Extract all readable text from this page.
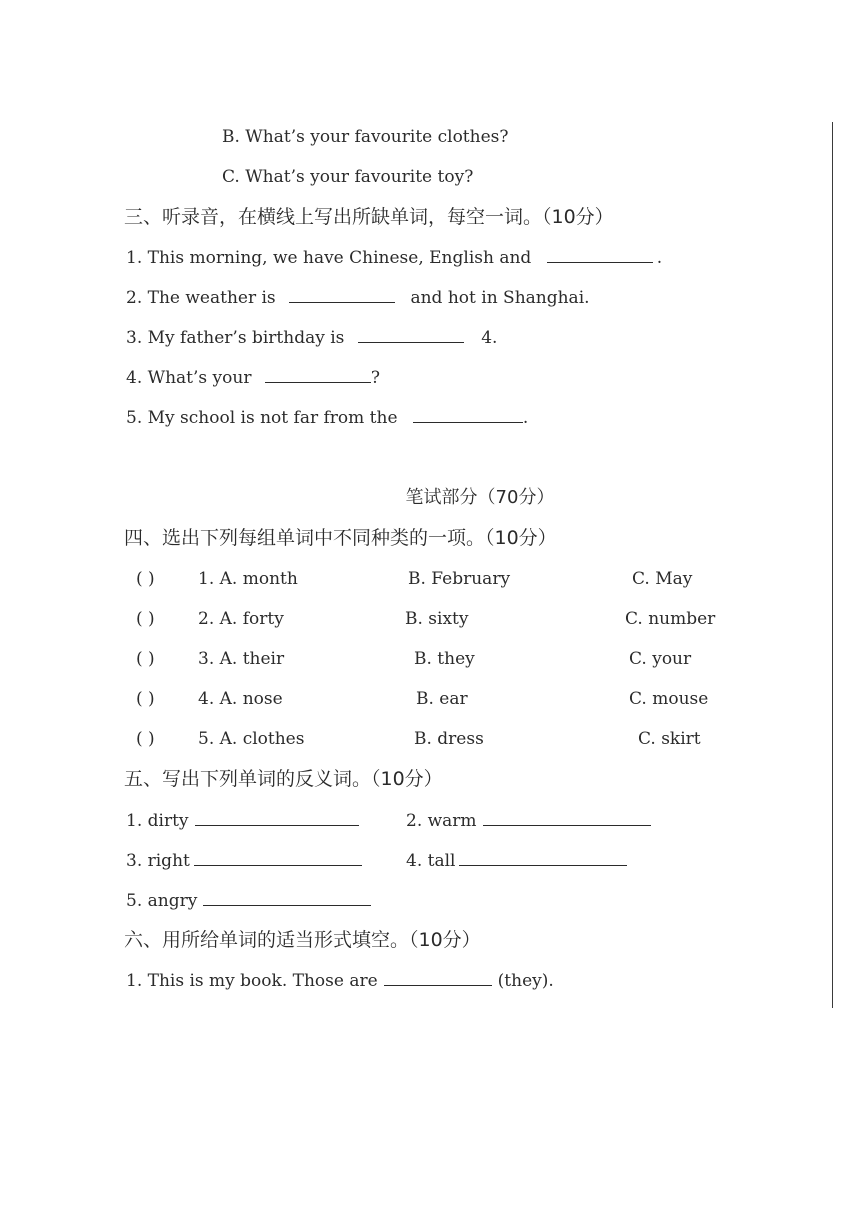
B. What’s your favourite clothes?
C. What’s your favourite toy?
三、听录音，在横线上写出所缺单词，每空一词。（10分）
1. This morning, we have Chinese, English and	.
2. The weather is	and hot in Shanghai.
3. My father’s birthday is	4.
4. What’s your	?
5. My school is not far from the	.
笔试部分（70分）
四、选出下列每组单词中不同种类的一项。（10分）
( )	1. A. month	B. February	C. May
( )	2. A. forty	B. sixty	C. number
( )	3. A. their	B. they	C. your
( )	4. A. nose	B. ear	C. mouse
( )	5. A. clothes	B. dress	C. skirt
五、写出下列单词的反义词。（10分）
1. dirty	2. warm
3. right	4. tall
5. angry
六、用所给单词的适当形式填空。（10分）
1. This is my book. Those are	(they).
